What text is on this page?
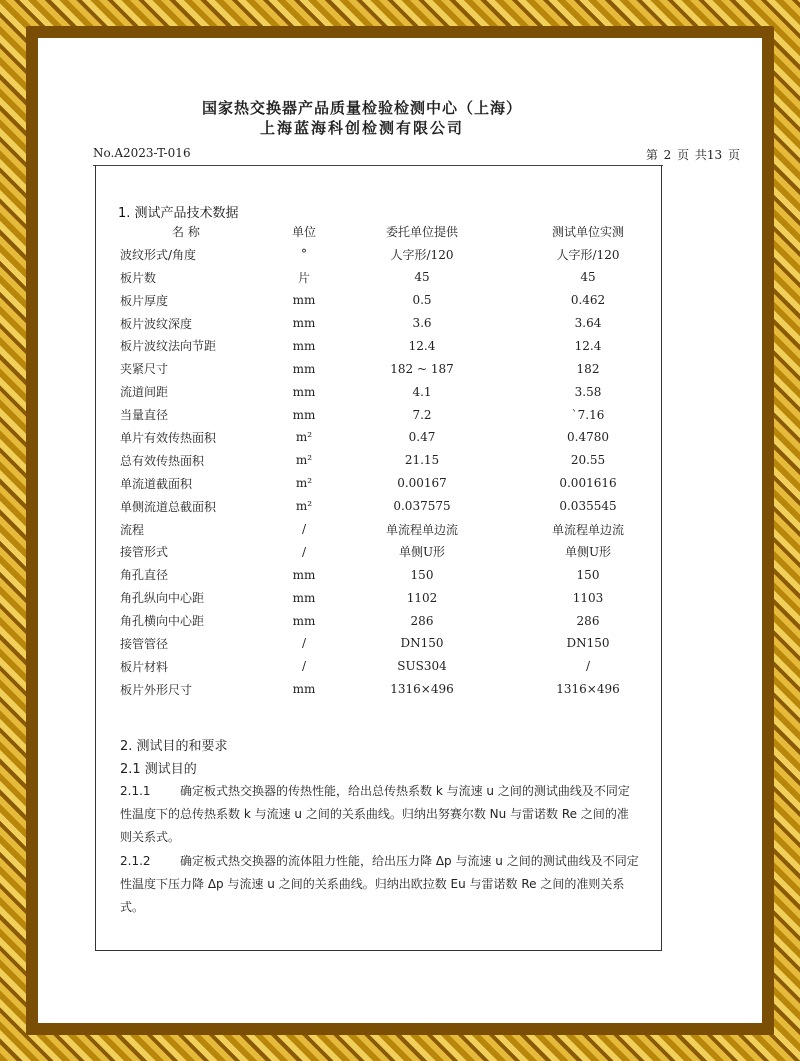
国家热交换器产品质量检验检测中心（上海）
上海蓝海科创检测有限公司
No.A2023-T-016	第 2 页 共13 页
1. 测试产品技术数据
名 称	单位	委托单位提供	测试单位实测
波纹形式/角度	°	人字形/120	人字形/120
板片数	片	45	45
板片厚度	mm	0.5	0.462
板片波纹深度	mm	3.6	3.64
板片波纹法向节距	mm	12.4	12.4
夹紧尺寸	mm	182 ~ 187	182
流道间距	mm	4.1	3.58
当量直径	mm	7.2	`7.16
单片有效传热面积	m²	0.47	0.4780
总有效传热面积	m²	21.15	20.55
单流道截面积	m²	0.00167	0.001616
单侧流道总截面积	m²	0.037575	0.035545
流程	/	单流程单边流	单流程单边流
接管形式	/	单侧U形	单侧U形
角孔直径	mm	150	150
角孔纵向中心距	mm	1102	1103
角孔横向中心距	mm	286	286
接管管径	/	DN150	DN150
板片材料	/	SUS304	/
板片外形尺寸	mm	1316×496	1316×496
2. 测试目的和要求
2.1 测试目的
2.1.1 确定板式热交换器的传热性能，给出总传热系数 k 与流速 u 之间的测试曲线及不同定性温度下的总传热系数 k 与流速 u 之间的关系曲线。归纳出努赛尔数 Nu 与雷诺数 Re 之间的准则关系式。
2.1.2 确定板式热交换器的流体阻力性能，给出压力降 Δp 与流速 u 之间的测试曲线及不同定性温度下压力降 Δp 与流速 u 之间的关系曲线。归纳出欧拉数 Eu 与雷诺数 Re 之间的准则关系式。
